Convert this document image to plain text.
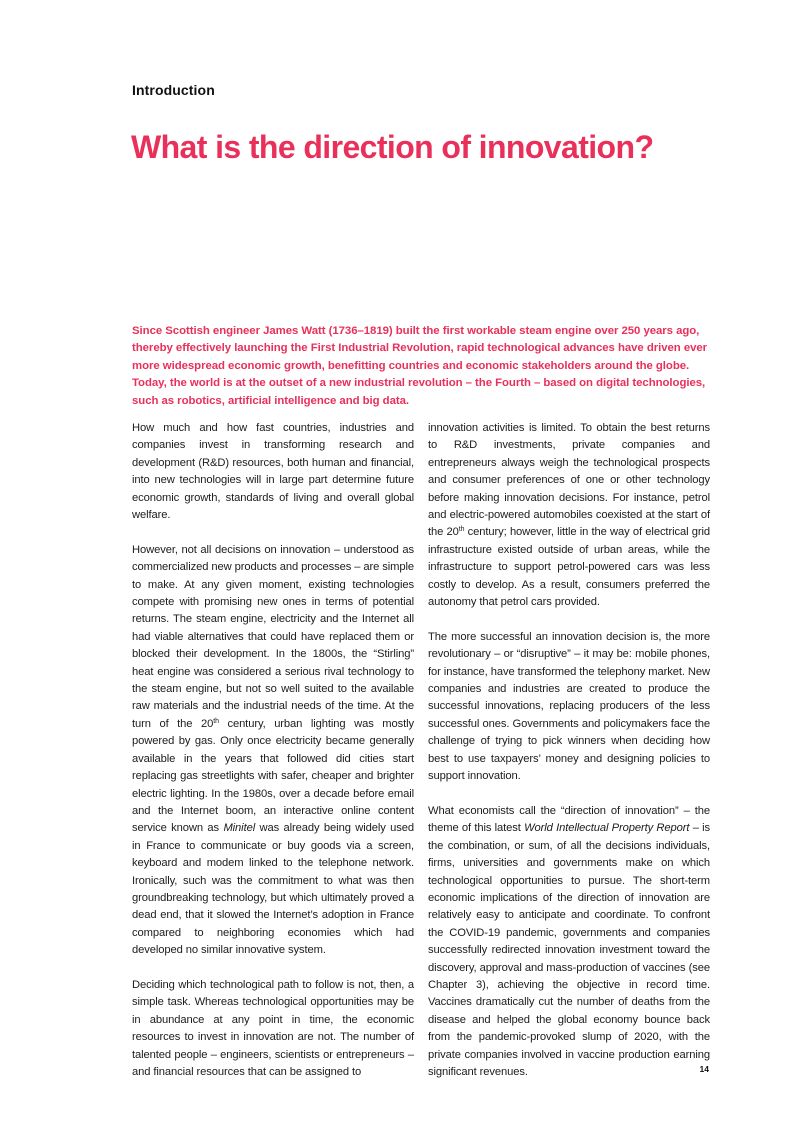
Introduction
What is the direction of innovation?

Since Scottish engineer James Watt (1736–1819) built the first workable steam engine over 250 years ago, thereby effectively launching the First Industrial Revolution, rapid technological advances have driven ever more widespread economic growth, benefitting countries and economic stakeholders around the globe. Today, the world is at the outset of a new industrial revolution – the Fourth – based on digital technologies, such as robotics, artificial intelligence and big data.

How much and how fast countries, industries and companies invest in transforming research and development (R&D) resources, both human and financial, into new technologies will in large part determine future economic growth, standards of living and overall global welfare.

However, not all decisions on innovation – understood as commercialized new products and processes – are simple to make. At any given moment, existing technologies compete with promising new ones in terms of potential returns. The steam engine, electricity and the Internet all had viable alternatives that could have replaced them or blocked their development. In the 1800s, the “Stirling” heat engine was considered a serious rival technology to the steam engine, but not so well suited to the available raw materials and the industrial needs of the time. At the turn of the 20th century, urban lighting was mostly powered by gas. Only once electricity became generally available in the years that followed did cities start replacing gas streetlights with safer, cheaper and brighter electric lighting. In the 1980s, over a decade before email and the Internet boom, an interactive online content service known as Minitel was already being widely used in France to communicate or buy goods via a screen, keyboard and modem linked to the telephone network. Ironically, such was the commitment to what was then groundbreaking technology, but which ultimately proved a dead end, that it slowed the Internet’s adoption in France compared to neighboring economies which had developed no similar innovative system.

Deciding which technological path to follow is not, then, a simple task. Whereas technological opportunities may be in abundance at any point in time, the economic resources to invest in innovation are not. The number of talented people – engineers, scientists or entrepreneurs – and financial resources that can be assigned to

innovation activities is limited. To obtain the best returns to R&D investments, private companies and entrepreneurs always weigh the technological prospects and consumer preferences of one or other technology before making innovation decisions. For instance, petrol and electric-powered automobiles coexisted at the start of the 20th century; however, little in the way of electrical grid infrastructure existed outside of urban areas, while the infrastructure to support petrol-powered cars was less costly to develop. As a result, consumers preferred the autonomy that petrol cars provided.

The more successful an innovation decision is, the more revolutionary – or “disruptive” – it may be: mobile phones, for instance, have transformed the telephony market. New companies and industries are created to produce the successful innovations, replacing producers of the less successful ones. Governments and policymakers face the challenge of trying to pick winners when deciding how best to use taxpayers’ money and designing policies to support innovation.

What economists call the “direction of innovation” – the theme of this latest World Intellectual Property Report – is the combination, or sum, of all the decisions individuals, firms, universities and governments make on which technological opportunities to pursue. The short-term economic implications of the direction of innovation are relatively easy to anticipate and coordinate. To confront the COVID-19 pandemic, governments and companies successfully redirected innovation investment toward the discovery, approval and mass-production of vaccines (see Chapter 3), achieving the objective in record time. Vaccines dramatically cut the number of deaths from the disease and helped the global economy bounce back from the pandemic-provoked slump of 2020, with the private companies involved in vaccine production earning significant revenues.	14
